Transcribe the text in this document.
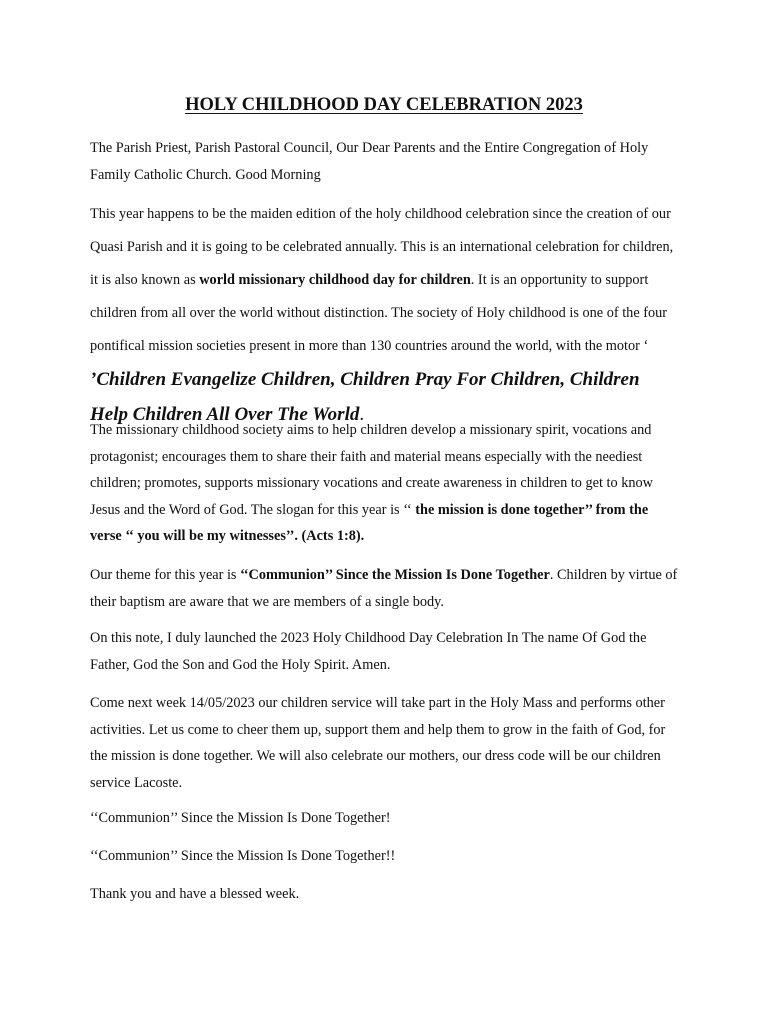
HOLY CHILDHOOD DAY CELEBRATION 2023
The Parish Priest, Parish Pastoral Council, Our Dear Parents and the Entire Congregation of Holy Family Catholic Church. Good Morning
This year happens to be the maiden edition of the holy childhood celebration since the creation of our Quasi Parish and it is going to be celebrated annually. This is an international celebration for children, it is also known as world missionary childhood day for children. It is an opportunity to support children from all over the world without distinction. The society of Holy childhood is one of the four pontifical mission societies present in more than 130 countries around the world, with the motor ‘ ’Children Evangelize Children, Children Pray For Children, Children Help Children All Over The World.
The missionary childhood society aims to help children develop a missionary spirit, vocations and protagonist; encourages them to share their faith and material means especially with the neediest children; promotes, supports missionary vocations and create awareness in children to get to know Jesus and the Word of God. The slogan for this year is ‘‘ the mission is done together’’ from the verse ‘‘ you will be my witnesses’’. (Acts 1:8).
Our theme for this year is ‘‘Communion’’ Since the Mission Is Done Together. Children by virtue of their baptism are aware that we are members of a single body.
On this note, I duly launched the 2023 Holy Childhood Day Celebration In The name Of God the Father, God the Son and God the Holy Spirit. Amen.
Come next week 14/05/2023 our children service will take part in the Holy Mass and performs other activities. Let us come to cheer them up, support them and help them to grow in the faith of God, for the mission is done together. We will also celebrate our mothers, our dress code will be our children service Lacoste.
‘‘Communion’’ Since the Mission Is Done Together!
‘‘Communion’’ Since the Mission Is Done Together!!
Thank you and have a blessed week.
